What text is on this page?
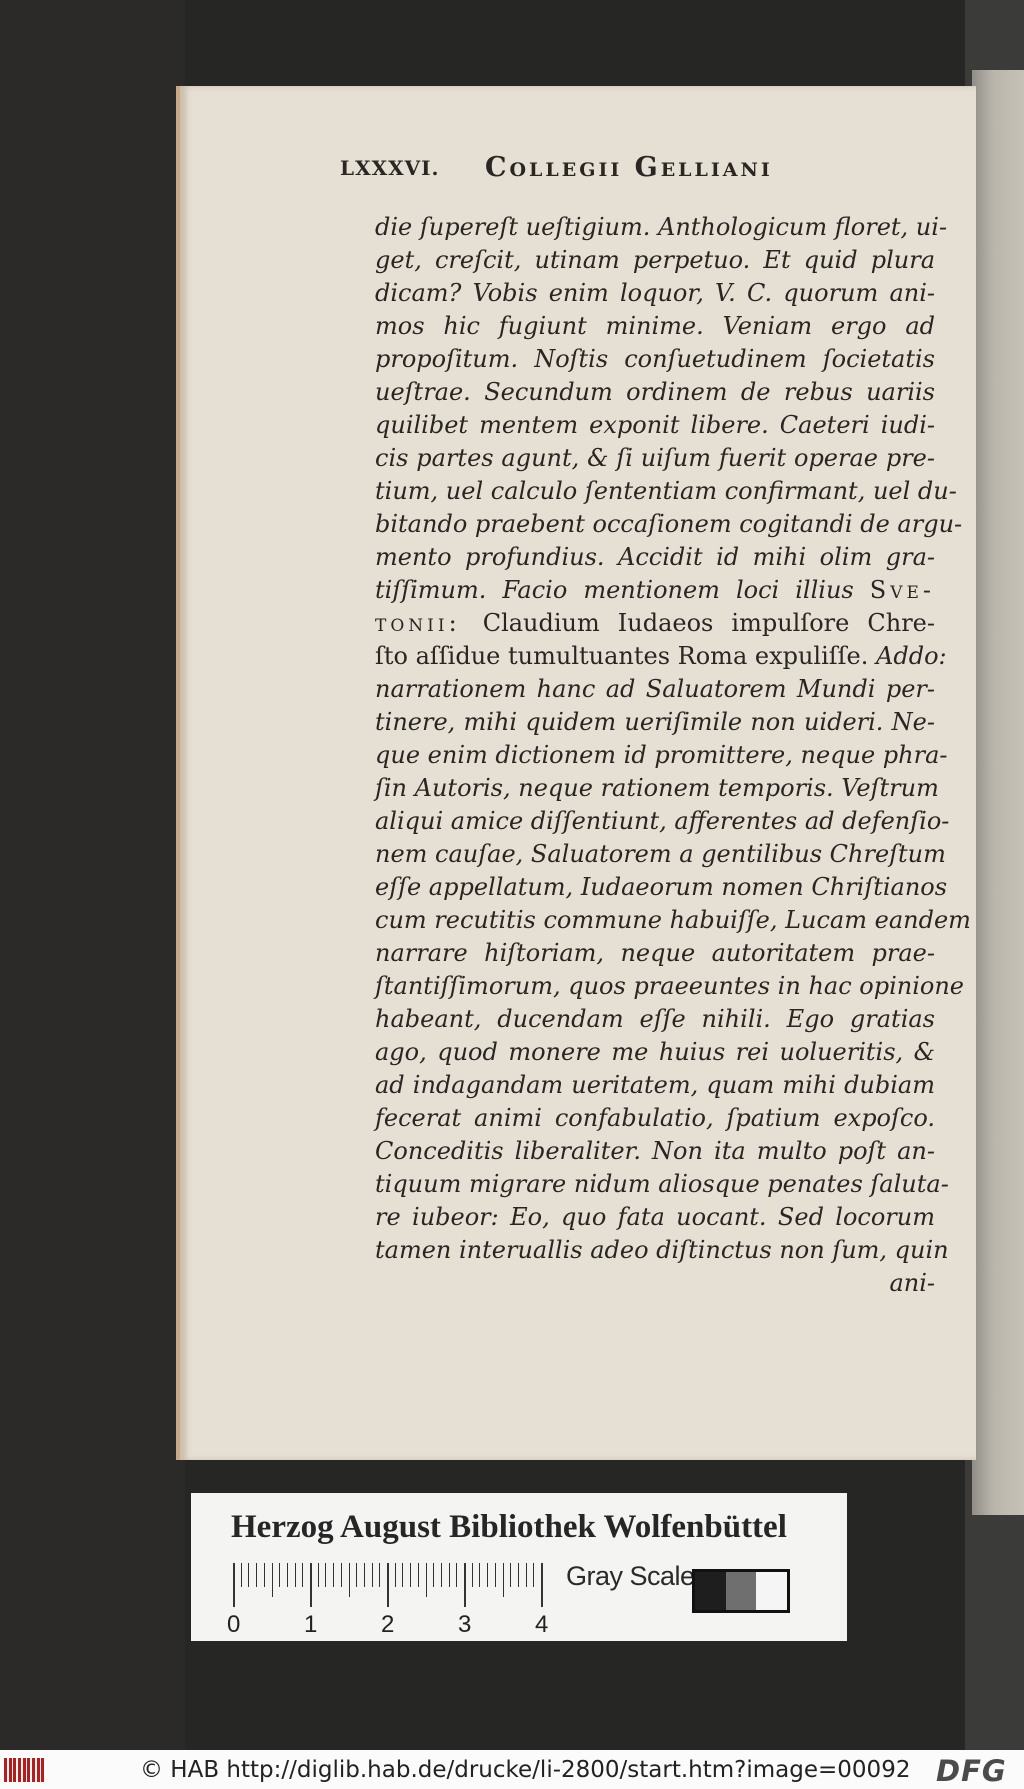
LXXXVI. Collegii Gelliani
die ſupereſt ueſtigium. Anthologicum floret, ui-
get, creſcit, utinam perpetuo. Et quid plura
dicam? Vobis enim loquor, V. C. quorum ani-
mos hic fugiunt minime. Veniam ergo ad
propoſitum. Noſtis conſuetudinem ſocietatis
ueſtrae. Secundum ordinem de rebus uariis
quilibet mentem exponit libere. Caeteri iudi-
cis partes agunt, & ſi uiſum fuerit operae pre-
tium, uel calculo ſententiam confirmant, uel du-
bitando praebent occaſionem cogitandi de argu-
mento profundius. Accidit id mihi olim gra-
tiſſimum. Facio mentionem loci illius Sve-
tonii: Claudium Iudaeos impulſore Chre-
ſto aſſidue tumultuantes Roma expuliſſe. Addo:
narrationem hanc ad Saluatorem Mundi per-
tinere, mihi quidem ueriſimile non uideri. Ne-
que enim dictionem id promittere, neque phra-
ſin Autoris, neque rationem temporis. Veſtrum
aliqui amice diſſentiunt, afferentes ad defenſio-
nem cauſae, Saluatorem a gentilibus Chreſtum
eſſe appellatum, Iudaeorum nomen Chriſtianos
cum recutitis commune habuiſſe, Lucam eandem
narrare hiſtoriam, neque autoritatem prae-
ſtantiſſimorum, quos praeeuntes in hac opinione
habeant, ducendam eſſe nihili. Ego gratias
ago, quod monere me huius rei uolueritis, &
ad indagandam ueritatem, quam mihi dubiam
fecerat animi confabulatio, ſpatium expoſco.
Conceditis liberaliter. Non ita multo poſt an-
tiquum migrare nidum aliosque penates ſaluta-
re iubeor: Eo, quo fata uocant. Sed locorum
tamen interuallis adeo diſtinctus non ſum, quin
ani-
Herzog August Bibliothek Wolfenbüttel
0	1	2	3	4
Gray Scale
© HAB http://diglib.hab.de/drucke/li-2800/start.htm?image=00092 DFG
